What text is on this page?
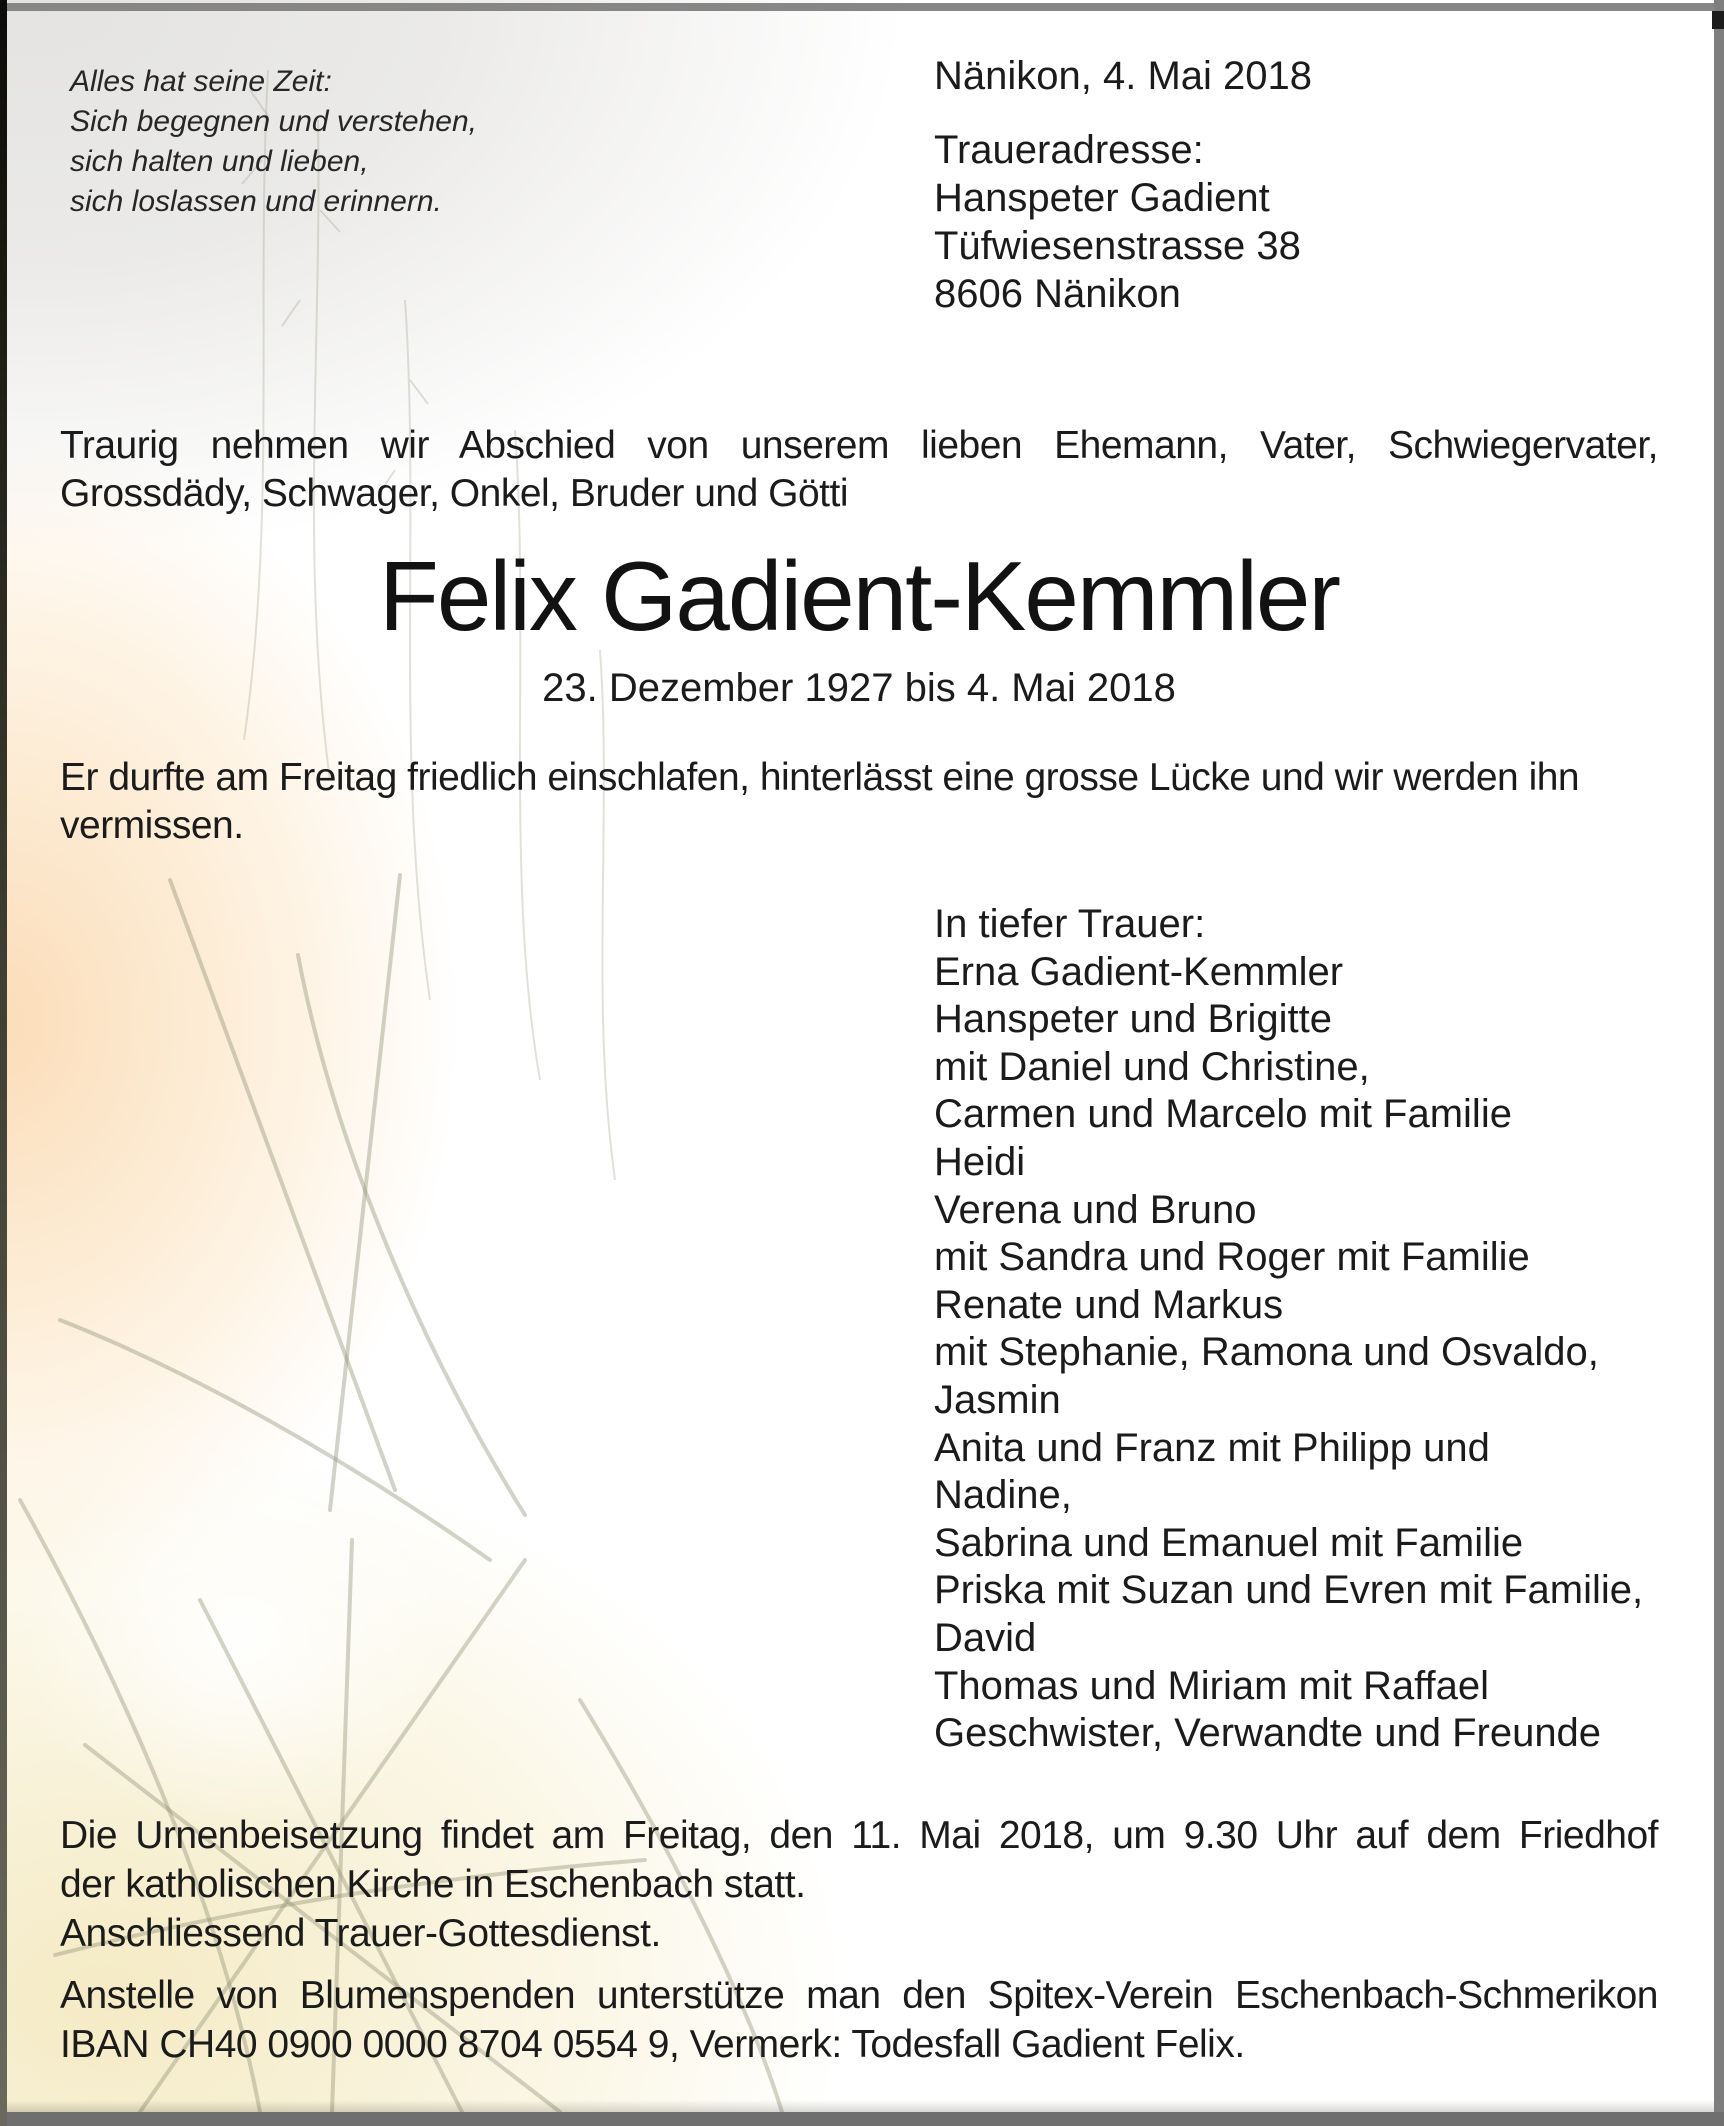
Alles hat seine Zeit:
Sich begegnen und verstehen,
sich halten und lieben,
sich loslassen und erinnern.
Nänikon, 4. Mai 2018
Traueradresse:
Hanspeter Gadient
Tüfwiesenstrasse 38
8606 Nänikon
Traurig nehmen wir Abschied von unserem lieben Ehemann, Vater, Schwiegervater,
Grossdädy, Schwager, Onkel, Bruder und Götti
Felix Gadient-Kemmler
23. Dezember 1927 bis 4. Mai 2018
Er durfte am Freitag friedlich einschlafen, hinterlässt eine grosse Lücke und wir werden ihn
vermissen.
In tiefer Trauer:
Erna Gadient-Kemmler
Hanspeter und Brigitte
mit Daniel und Christine,
Carmen und Marcelo mit Familie
Heidi
Verena und Bruno
mit Sandra und Roger mit Familie
Renate und Markus
mit Stephanie, Ramona und Osvaldo,
Jasmin
Anita und Franz mit Philipp und
Nadine,
Sabrina und Emanuel mit Familie
Priska mit Suzan und Evren mit Familie,
David
Thomas und Miriam mit Raffael
Geschwister, Verwandte und Freunde
Die Urnenbeisetzung findet am Freitag, den 11. Mai 2018, um 9.30 Uhr auf dem Friedhof
der katholischen Kirche in Eschenbach statt.
Anschliessend Trauer-Gottesdienst.
Anstelle von Blumenspenden unterstütze man den Spitex-Verein Eschenbach-Schmerikon
IBAN CH40 0900 0000 8704 0554 9, Vermerk: Todesfall Gadient Felix.
